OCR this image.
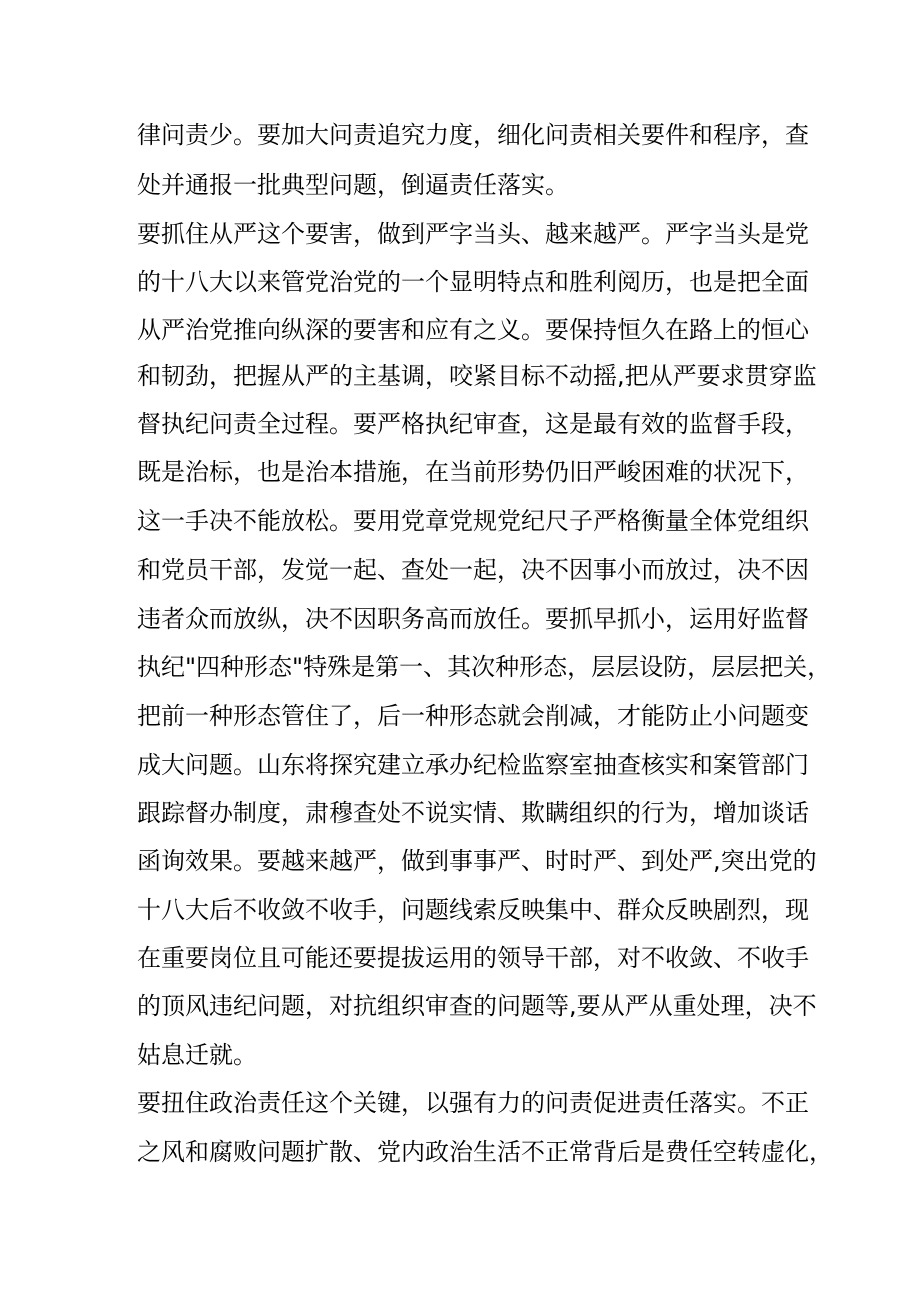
律问责少。要加大问责追究力度，细化问责相关要件和程序，查

处并通报一批典型问题，倒逼责任落实。

要抓住从严这个要害，做到严字当头、越来越严。严字当头是党

的十八大以来管党治党的一个显明特点和胜利阅历，也是把全面

从严治党推向纵深的要害和应有之义。要保持恒久在路上的恒心

和韧劲，把握从严的主基调，咬紧目标不动摇,把从严要求贯穿监

督执纪问责全过程。要严格执纪审查，这是最有效的监督手段，

既是治标，也是治本措施，在当前形势仍旧严峻困难的状况下，

这一手决不能放松。要用党章党规党纪尺子严格衡量全体党组织

和党员干部，发觉一起、查处一起，决不因事小而放过，决不因

违者众而放纵，决不因职务高而放任。要抓早抓小，运用好监督

执纪"四种形态"特殊是第一、其次种形态，层层设防，层层把关，

把前一种形态管住了，后一种形态就会削减，才能防止小问题变

成大问题。山东将探究建立承办纪检监察室抽查核实和案管部门

跟踪督办制度，肃穆查处不说实情、欺瞒组织的行为，增加谈话

函询效果。要越来越严，做到事事严、时时严、到处严,突出党的

十八大后不收敛不收手，问题线索反映集中、群众反映剧烈，现

在重要岗位且可能还要提拔运用的领导干部，对不收敛、不收手

的顶风违纪问题，对抗组织审查的问题等,要从严从重处理，决不

姑息迁就。

要扭住政治责任这个关键，以强有力的问责促进责任落实。不正

之风和腐败问题扩散、党内政治生活不正常背后是费任空转虚化，
